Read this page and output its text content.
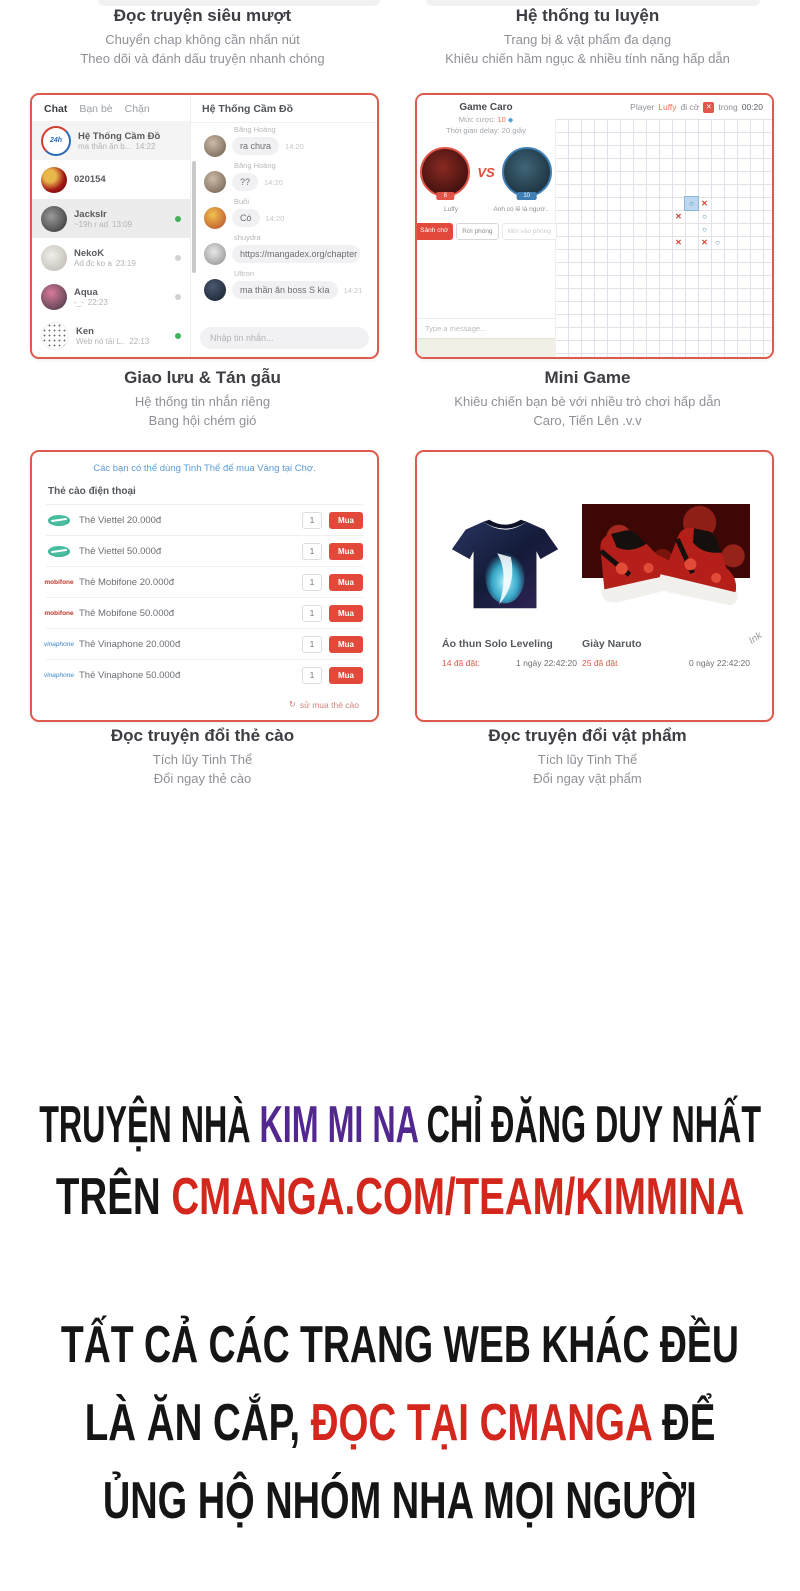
Đọc truyện siêu mượt

Chuyển chap không cần nhấn nút

Theo dõi và đánh dấu truyện nhanh chóng

Hệ thống tu luyện

Trang bị & vật phẩm đa dạng

Khiêu chiến hầm ngục & nhiều tính năng hấp dẫn

Chat Bạn bè Chặn
24h Hệ Thống Cầm Đồ
ma thần ăn b... 14:22
020154
Jackslr
~19h r ad 13:09
NekoK
Ad đc ko a 23:19
Aqua
-_- 22:23
Ken
Web nó tải L.. 22:13
Hệ Thống Cầm Đồ
Băng Hoàng
ra chưa	14:20
Băng Hoàng
??	14:20
Buổi
Có	14:20
shuydra
https://mangadex.org/chapter
Ultron
ma thần ăn boss S kìa	14:21
Nhập tin nhắn...
Game Caro
Mức cược: 10 ◆
Thời gian delay: 20 giây
8
VS
10
Luffy	Anh có lẽ là ngườ..
Sảnh chờ	Rời phòng	Mời vào phòng
Type a message...
Player Luffy đi cờ ✕ trong 00:20
○ ✕
✕	○
○
✕	✕ ○
Giao lưu & Tán gẫu

Hệ thống tin nhắn riêng

Bang hội chém gió

Mini Game

Khiêu chiến bạn bè với nhiều trò chơi hấp dẫn

Caro, Tiến Lên .v.v

Các bạn có thể dùng Tinh Thể để mua Vàng tại Chợ.
Thẻ cào điện thoại
Thẻ Viettel 20.000đ	1	Mua
Thẻ Viettel 50.000đ	1	Mua
mobifone Thẻ Mobifone 20.000đ	1	Mua
mobifone Thẻ Mobifone 50.000đ	1	Mua
vinaphone Thẻ Vinaphone 20.000đ	1	Mua
vinaphone Thẻ Vinaphone 50.000đ	1	Mua
↻ sử mua thẻ cào
Ink
Áo thun Solo Leveling
14 đã đặt:	1 ngày 22:42:20
Giày Naruto
25 đã đặt	0 ngày 22:42:20
Đọc truyện đổi thẻ cào

Tích lũy Tinh Thể

Đổi ngay thẻ cào

Đọc truyện đổi vật phẩm

Tích lũy Tinh Thể

Đổi ngay vật phẩm

TRUYỆN NHÀ KIM MI NA CHỈ ĐĂNG DUY NHẤT
TRÊN CMANGA.COM/TEAM/KIMMINA
TẤT CẢ CÁC TRANG WEB KHÁC ĐỀU
LÀ ĂN CẮP, ĐỌC TẠI CMANGA ĐỂ
ỦNG HỘ NHÓM NHA MỌI NGƯỜI
